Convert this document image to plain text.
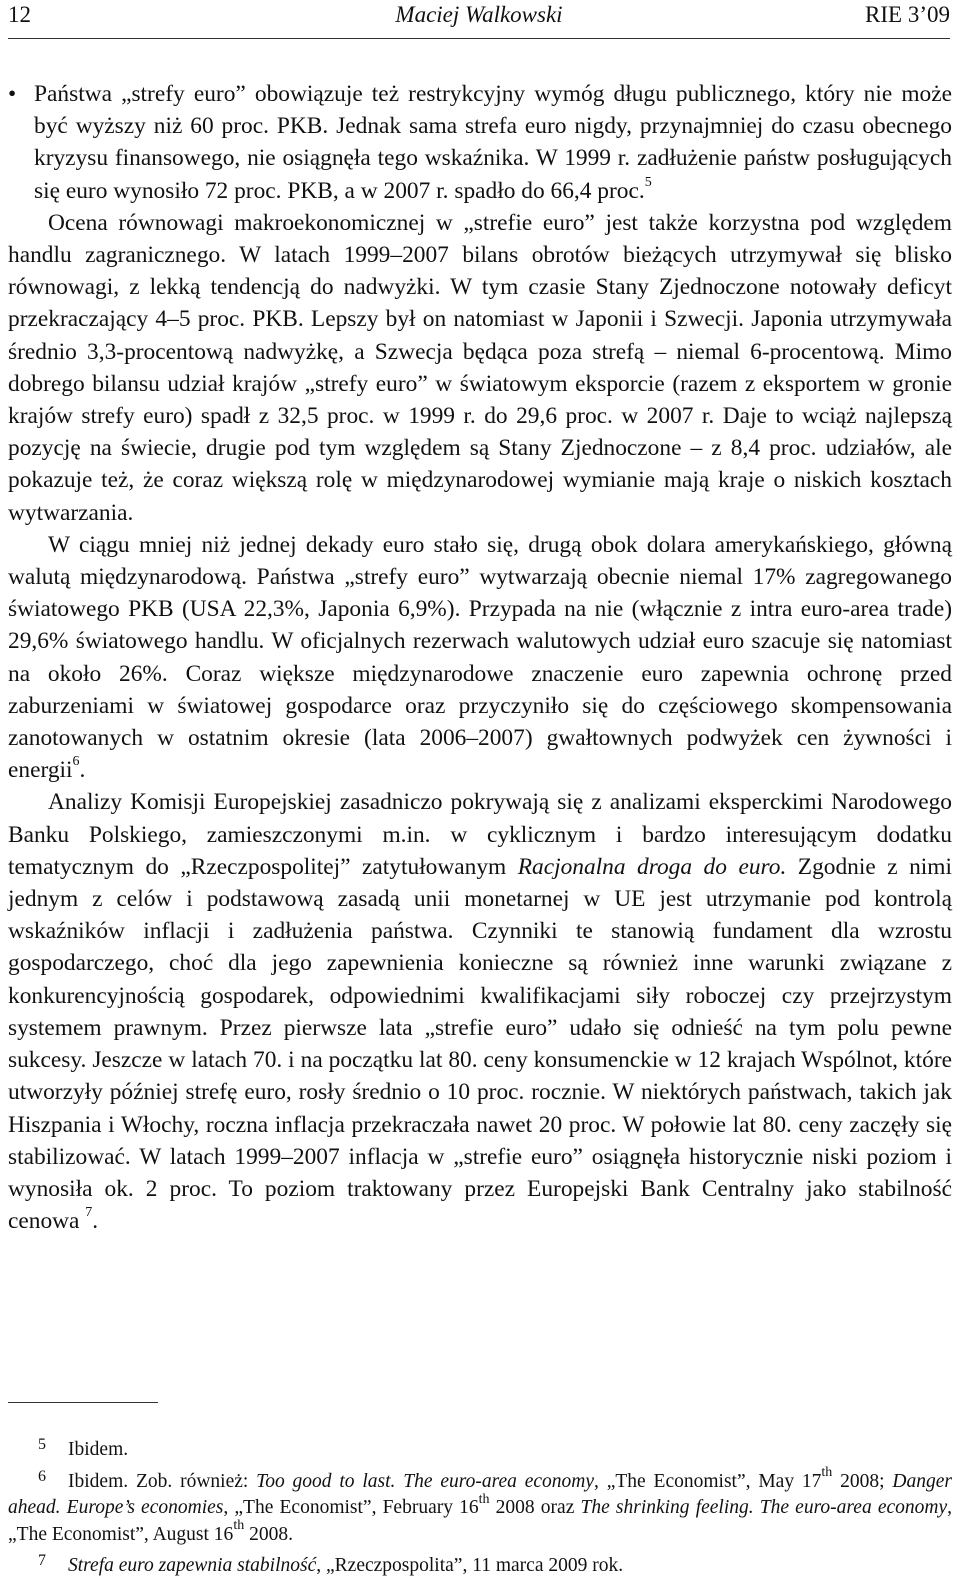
12	Maciej Walkowski	RIE 3’09

• Państwa „strefy euro” obowiązuje też restrykcyjny wymóg długu publicznego, który nie może być wyższy niż 60 proc. PKB. Jednak sama strefa euro nigdy, przynajmniej do czasu obecnego kryzysu finansowego, nie osiągnęła tego wskaźnika. W 1999 r. zadłużenie państw posługujących się euro wynosiło 72 proc. PKB, a w 2007 r. spadło do 66,4 proc.$^5$

Ocena równowagi makroekonomicznej w „strefie euro” jest także korzystna pod względem handlu zagranicznego. W latach 1999–2007 bilans obrotów bieżących utrzymywał się blisko równowagi, z lekką tendencją do nadwyżki. W tym czasie Stany Zjednoczone notowały deficyt przekraczający 4–5 proc. PKB. Lepszy był on natomiast w Japonii i Szwecji. Japonia utrzymywała średnio 3,3-procentową nadwyżkę, a Szwecja będąca poza strefą – niemal 6-procentową. Mimo dobrego bilansu udział krajów „strefy euro” w światowym eksporcie (razem z eksportem w gronie krajów strefy euro) spadł z 32,5 proc. w 1999 r. do 29,6 proc. w 2007 r. Daje to wciąż najlepszą pozycję na świecie, drugie pod tym względem są Stany Zjednoczone – z 8,4 proc. udziałów, ale pokazuje też, że coraz większą rolę w międzynarodowej wymianie mają kraje o niskich kosztach wytwarzania.

W ciągu mniej niż jednej dekady euro stało się, drugą obok dolara amerykańskiego, główną walutą międzynarodową. Państwa „strefy euro” wytwarzają obecnie niemal 17% zagregowanego światowego PKB (USA 22,3%, Japonia 6,9%). Przypada na nie (włącznie z intra euro-area trade) 29,6% światowego handlu. W oficjalnych rezerwach walutowych udział euro szacuje się natomiast na około 26%. Coraz większe międzynarodowe znaczenie euro zapewnia ochronę przed zaburzeniami w światowej gospodarce oraz przyczyniło się do częściowego skompensowania zanotowanych w ostatnim okresie (lata 2006–2007) gwałtownych podwyżek cen żywności i energii$^6$.

Analizy Komisji Europejskiej zasadniczo pokrywają się z analizami eksperckimi Narodowego Banku Polskiego, zamieszczonymi m.in. w cyklicznym i bardzo interesującym dodatku tematycznym do „Rzeczpospolitej” zatytułowanym Racjonalna droga do euro. Zgodnie z nimi jednym z celów i podstawową zasadą unii monetarnej w UE jest utrzymanie pod kontrolą wskaźników inflacji i zadłużenia państwa. Czynniki te stanowią fundament dla wzrostu gospodarczego, choć dla jego zapewnienia konieczne są również inne warunki związane z konkurencyjnością gospodarek, odpowiednimi kwalifikacjami siły roboczej czy przejrzystym systemem prawnym. Przez pierwsze lata „strefie euro” udało się odnieść na tym polu pewne sukcesy. Jeszcze w latach 70. i na początku lat 80. ceny konsumenckie w 12 krajach Wspólnot, które utworzyły później strefę euro, rosły średnio o 10 proc. rocznie. W niektórych państwach, takich jak Hiszpania i Włochy, roczna inflacja przekraczała nawet 20 proc. W połowie lat 80. ceny zaczęły się stabilizować. W latach 1999–2007 inflacja w „strefie euro” osiągnęła historycznie niski poziom i wynosiła ok. 2 proc. To poziom traktowany przez Europejski Bank Centralny jako stabilność cenowa $^7$.

5 Ibidem.

6 Ibidem. Zob. również: Too good to last. The euro-area economy, „The Economist”, May 17th 2008; Danger ahead. Europe’s economies, „The Economist”, February 16th 2008 oraz The shrinking feeling. The euro-area economy, „The Economist”, August 16th 2008.

7 Strefa euro zapewnia stabilność, „Rzeczpospolita”, 11 marca 2009 rok.
